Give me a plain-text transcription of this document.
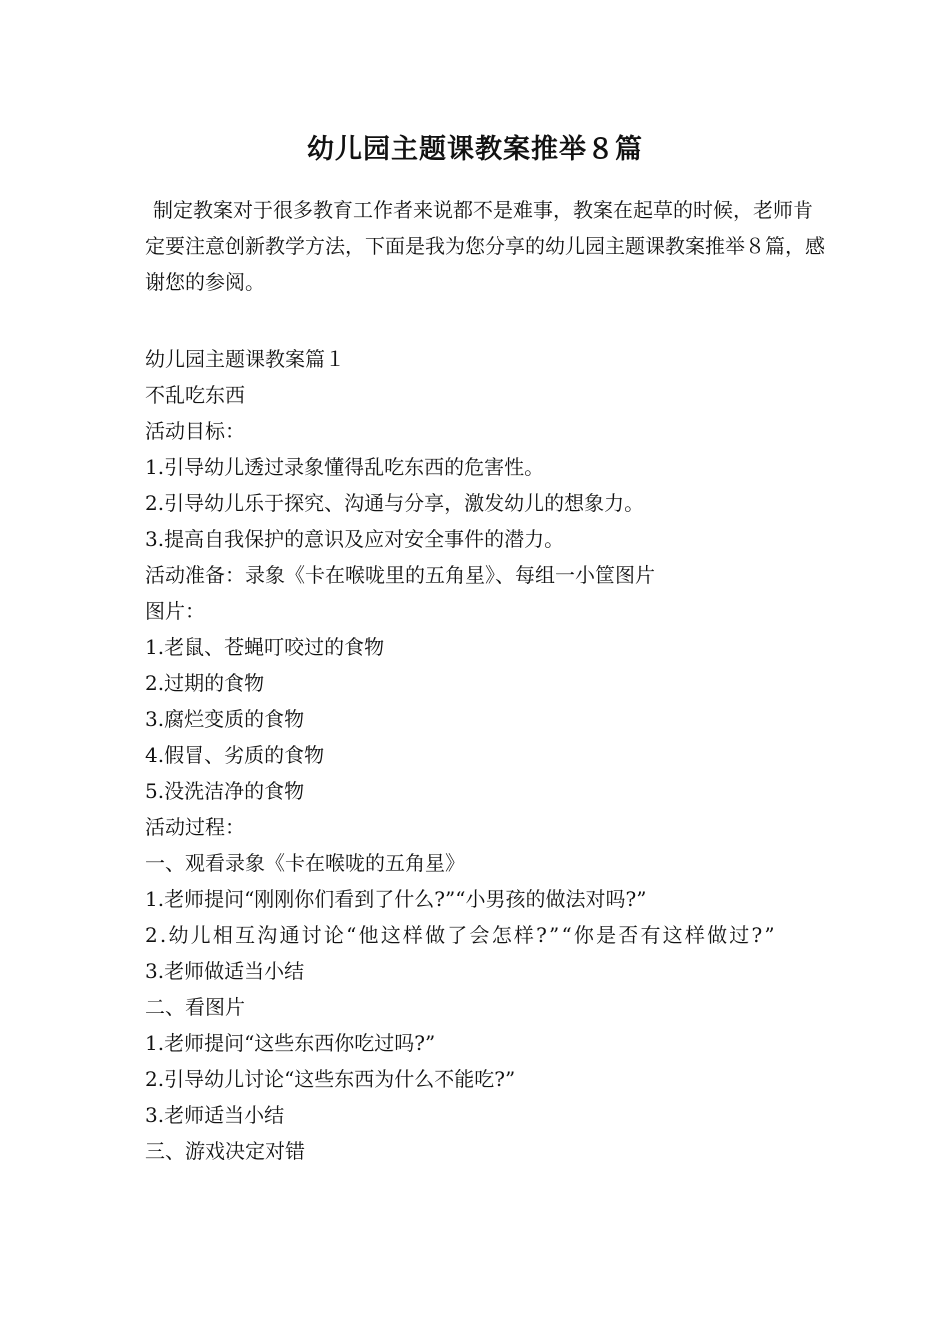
幼儿园主题课教案推举８篇

制定教案对于很多教育工作者来说都不是难事，教案在起草的时候，老师肯定要注意创新教学方法，下面是我为您分享的幼儿园主题课教案推举８篇，感谢您的参阅。

幼儿园主题课教案篇１
不乱吃东西
活动目标：
1.引导幼儿透过录象懂得乱吃东西的危害性。
2.引导幼儿乐于探究、沟通与分享，激发幼儿的想象力。
3.提高自我保护的意识及应对安全事件的潜力。
活动准备：录象《卡在喉咙里的五角星》、每组一小筐图片
图片：
1.老鼠、苍蝇叮咬过的食物
2.过期的食物
3.腐烂变质的食物
4.假冒、劣质的食物
5.没洗洁净的食物
活动过程：
一、观看录象《卡在喉咙的五角星》
1.老师提问“刚刚你们看到了什么?”“小男孩的做法对吗?”
2.幼儿相互沟通讨论“他这样做了会怎样?”“你是否有这样做过?”
3.老师做适当小结
二、看图片
1.老师提问“这些东西你吃过吗?”
2.引导幼儿讨论“这些东西为什么不能吃?”
3.老师适当小结
三、游戏决定对错
